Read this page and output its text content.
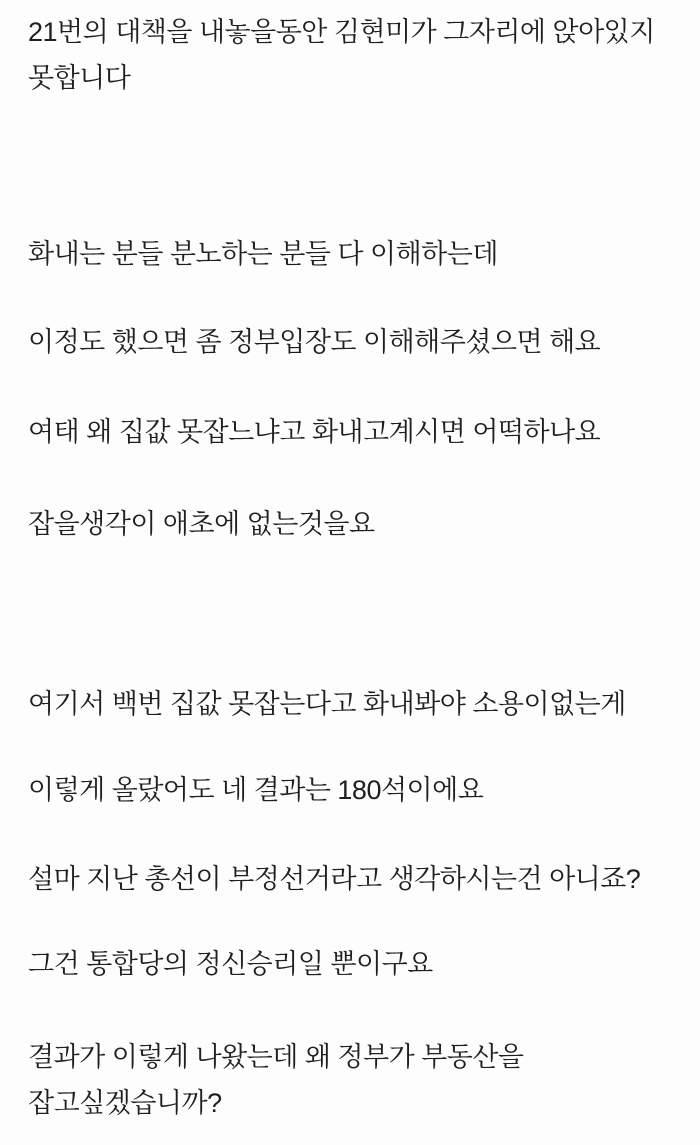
21번의 대책을 내놓을동안 김현미가 그자리에 앉아있지 못합니다
화내는 분들 분노하는 분들 다 이해하는데
이정도 했으면 좀 정부입장도 이해해주셨으면 해요
여태 왜 집값 못잡느냐고 화내고계시면 어떡하나요
잡을생각이 애초에 없는것을요
여기서 백번 집값 못잡는다고 화내봐야 소용이없는게
이렇게 올랐어도 네 결과는 180석이에요
설마 지난 총선이 부정선거라고 생각하시는건 아니죠?
그건 통합당의 정신승리일 뿐이구요
결과가 이렇게 나왔는데 왜 정부가 부동산을 잡고싶겠습니까?
